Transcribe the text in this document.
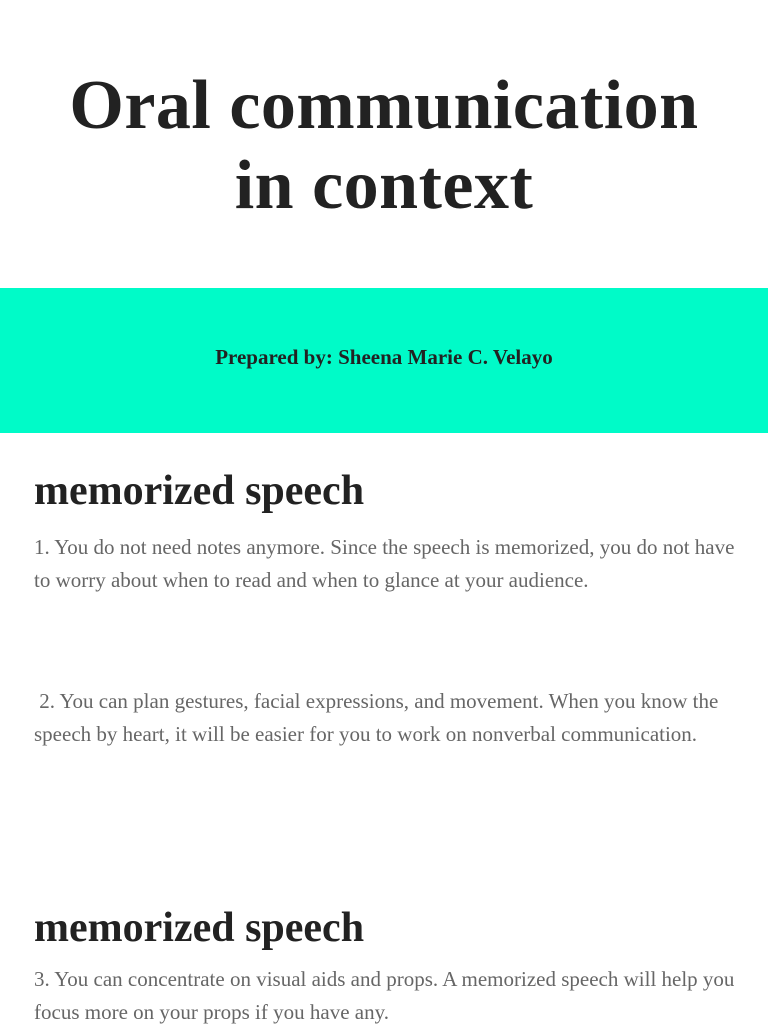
Oral communication
in context
Prepared by: Sheena Marie C. Velayo
memorized speech

1. You do not need notes anymore. Since the speech is memorized, you do not have to worry about when to read and when to glance at your audience.

2. You can plan gestures, facial expressions, and movement. When you know the speech by heart, it will be easier for you to work on nonverbal communication.

memorized speech

3. You can concentrate on visual aids and props. A memorized speech will help you focus more on your props if you have any.
